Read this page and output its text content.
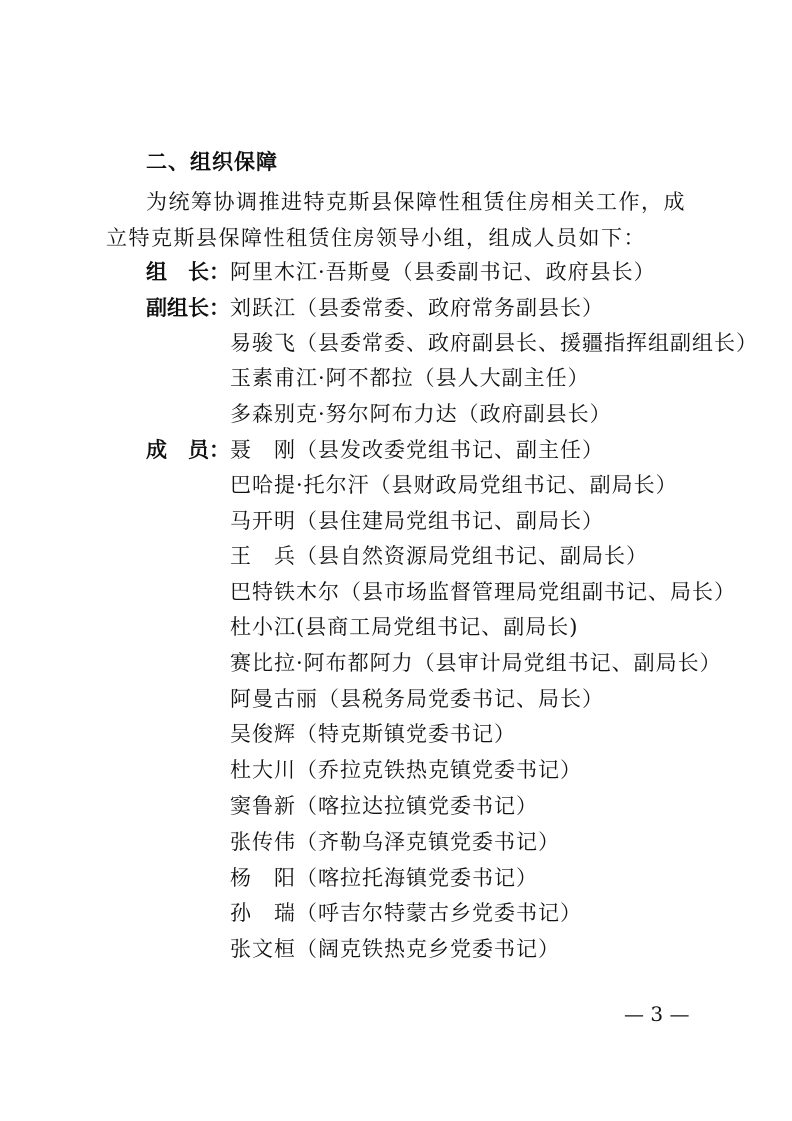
二、组织保障
为统筹协调推进特克斯县保障性租赁住房相关工作，成立特克斯县保障性租赁住房领导小组，组成人员如下：
组　长：阿里木江·吾斯曼（县委副书记、政府县长）
副组长：刘跃江（县委常委、政府常务副县长）
易骏飞（县委常委、政府副县长、援疆指挥组副组长）
玉素甫江·阿不都拉（县人大副主任）
多森别克·努尔阿布力达（政府副县长）
成　员：聂　刚（县发改委党组书记、副主任）
巴哈提·托尔汗（县财政局党组书记、副局长）
马开明（县住建局党组书记、副局长）
王　兵（县自然资源局党组书记、副局长）
巴特铁木尔（县市场监督管理局党组副书记、局长）
杜小江(县商工局党组书记、副局长)
赛比拉·阿布都阿力（县审计局党组书记、副局长）
阿曼古丽（县税务局党委书记、局长）
吴俊辉（特克斯镇党委书记）
杜大川（乔拉克铁热克镇党委书记）
窦鲁新（喀拉达拉镇党委书记）
张传伟（齐勒乌泽克镇党委书记）
杨　阳（喀拉托海镇党委书记）
孙　瑞（呼吉尔特蒙古乡党委书记）
张文桓（阔克铁热克乡党委书记）
— 3 —
